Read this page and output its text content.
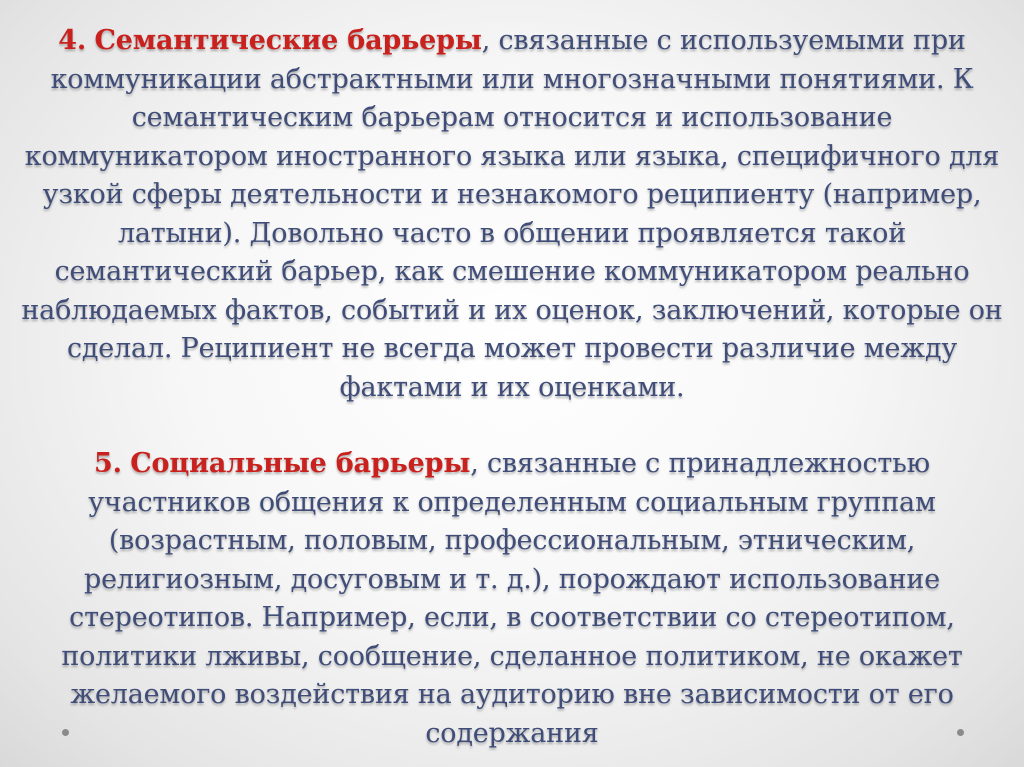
4. Семантические барьеры, связанные с используемыми при коммуникации абстрактными или многозначными понятиями. К семантическим барьерам относится и использование коммуникатором иностранного языка или языка, специфичного для узкой сферы деятельности и незнакомого реципиенту (например, латыни). Довольно часто в общении проявляется такой семантический барьер, как смешение коммуникатором реально наблюдаемых фактов, событий и их оценок, заключений, которые он сделал. Реципиент не всегда может провести различие между фактами и их оценками.

5. Социальные барьеры, связанные с принадлежностью участников общения к определенным социальным группам (возрастным, половым, профессиональным, этническим, религиозным, досуговым и т. д.), порождают использование стереотипов. Например, если, в соответствии со стереотипом, политики лживы, сообщение, сделанное политиком, не окажет желаемого воздействия на аудиторию вне зависимости от его содержания
